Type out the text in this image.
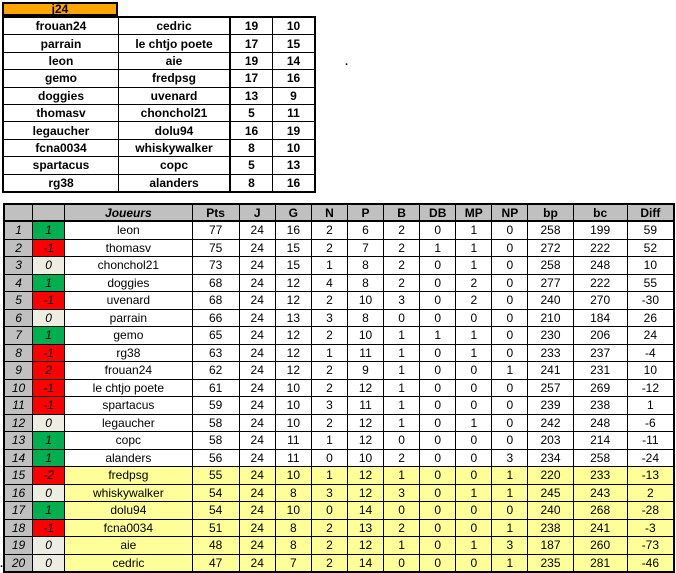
j24
frouan24	cedric	19	10
parrain	le chtjo poete	17	15
leon	aie	19	14
gemo	fredpsg	17	16
doggies	uvenard	13	9
thomasv	chonchol21	5	11
legaucher	dolu94	16	19
fcna0034	whiskywalker	8	10
spartacus	copc	5	13
rg38	alanders	8	16
		Joueurs	Pts	J	G	N	P	B	DB	MP	NP	bp	bc	Diff
1	1	leon	77	24	16	2	6	2	0	1	0	258	199	59
2	-1	thomasv	75	24	15	2	7	2	1	1	0	272	222	52
3	0	chonchol21	73	24	15	1	8	2	0	1	0	258	248	10
4	1	doggies	68	24	12	4	8	2	0	2	0	277	222	55
5	-1	uvenard	68	24	12	2	10	3	0	2	0	240	270	-30
6	0	parrain	66	24	13	3	8	0	0	0	0	210	184	26
7	1	gemo	65	24	12	2	10	1	1	1	0	230	206	24
8	-1	rg38	63	24	12	1	11	1	0	1	0	233	237	-4
9	2	frouan24	62	24	12	2	9	1	0	0	1	241	231	10
10	-1	le chtjo poete	61	24	10	2	12	1	0	0	0	257	269	-12
11	-1	spartacus	59	24	10	3	11	1	0	0	0	239	238	1
12	0	legaucher	58	24	10	2	12	1	0	1	0	242	248	-6
13	1	copc	58	24	11	1	12	0	0	0	0	203	214	-11
14	1	alanders	56	24	11	0	10	2	0	0	3	234	258	-24
15	-2	fredpsg	55	24	10	1	12	1	0	0	1	220	233	-13
16	0	whiskywalker	54	24	8	3	12	3	0	1	1	245	243	2
17	1	dolu94	54	24	10	0	14	0	0	0	0	240	268	-28
18	-1	fcna0034	51	24	8	2	13	2	0	0	1	238	241	-3
19	0	aie	48	24	8	2	12	1	0	1	3	187	260	-73
20	0	cedric	47	24	7	2	14	0	0	0	1	235	281	-46
.
.
